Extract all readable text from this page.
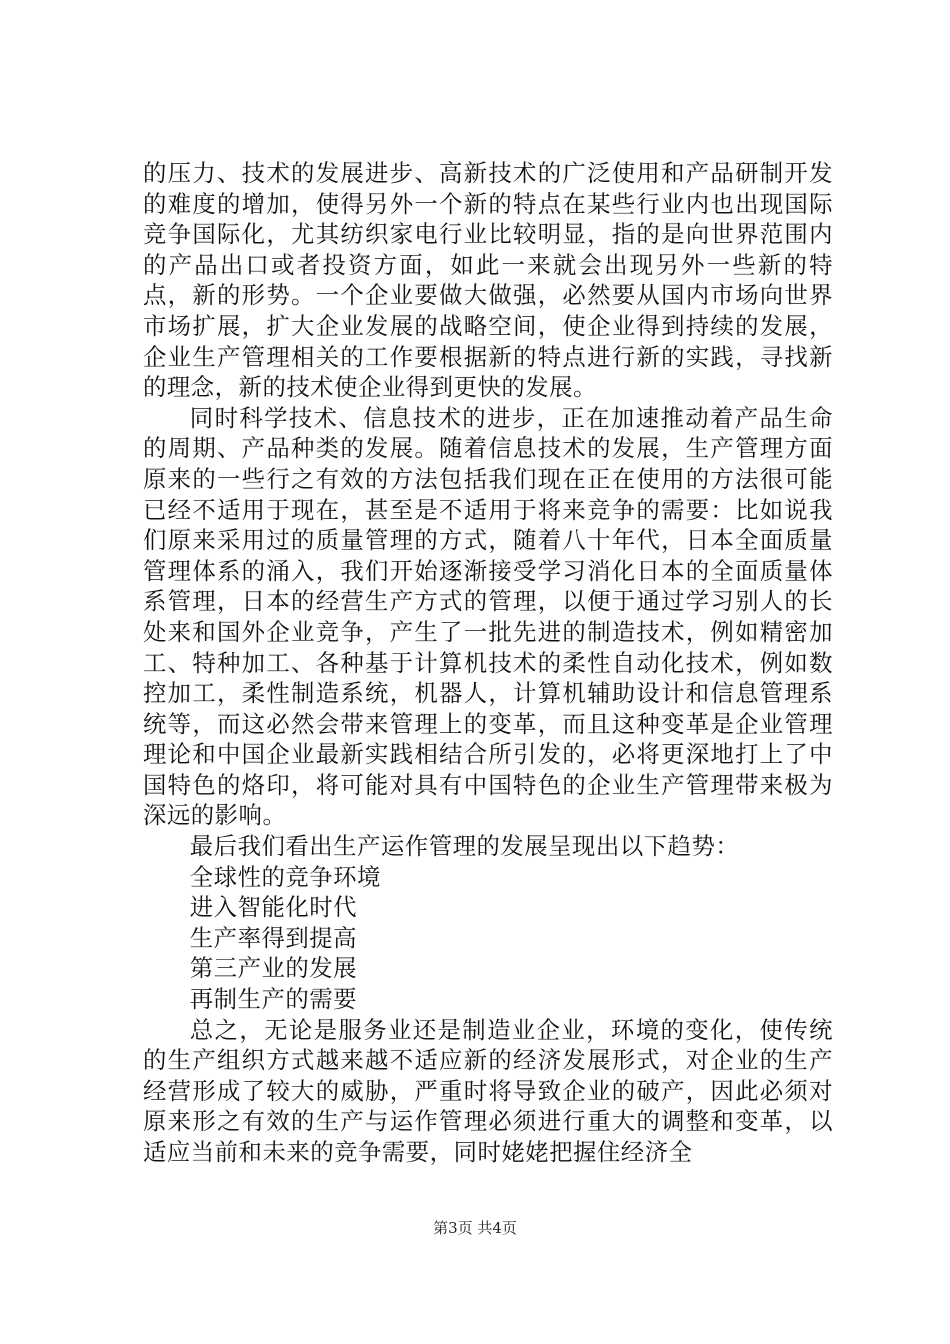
的压力、技术的发展进步、高新技术的广泛使用和产品研制开发的难度的增加，使得另外一个新的特点在某些行业内也出现国际竞争国际化，尤其纺织家电行业比较明显，指的是向世界范围内的产品出口或者投资方面，如此一来就会出现另外一些新的特点，新的形势。一个企业要做大做强，必然要从国内市场向世界市场扩展，扩大企业发展的战略空间，使企业得到持续的发展，企业生产管理相关的工作要根据新的特点进行新的实践，寻找新的理念，新的技术使企业得到更快的发展。

同时科学技术、信息技术的进步，正在加速推动着产品生命的周期、产品种类的发展。随着信息技术的发展，生产管理方面原来的一些行之有效的方法包括我们现在正在使用的方法很可能已经不适用于现在，甚至是不适用于将来竞争的需要：比如说我们原来采用过的质量管理的方式，随着八十年代，日本全面质量管理体系的涌入，我们开始逐渐接受学习消化日本的全面质量体系管理，日本的经营生产方式的管理，以便于通过学习别人的长处来和国外企业竞争，产生了一批先进的制造技术，例如精密加工、特种加工、各种基于计算机技术的柔性自动化技术，例如数控加工，柔性制造系统，机器人，计算机辅助设计和信息管理系统等，而这必然会带来管理上的变革，而且这种变革是企业管理理论和中国企业最新实践相结合所引发的，必将更深地打上了中国特色的烙印，将可能对具有中国特色的企业生产管理带来极为深远的影响。

最后我们看出生产运作管理的发展呈现出以下趋势：

全球性的竞争环境

进入智能化时代

生产率得到提高

第三产业的发展

再制生产的需要

总之，无论是服务业还是制造业企业，环境的变化，使传统的生产组织方式越来越不适应新的经济发展形式，对企业的生产经营形成了较大的威胁，严重时将导致企业的破产，因此必须对原来形之有效的生产与运作管理必须进行重大的调整和变革，以适应当前和未来的竞争需要，同时姥姥把握住经济全

第3页 共4页
